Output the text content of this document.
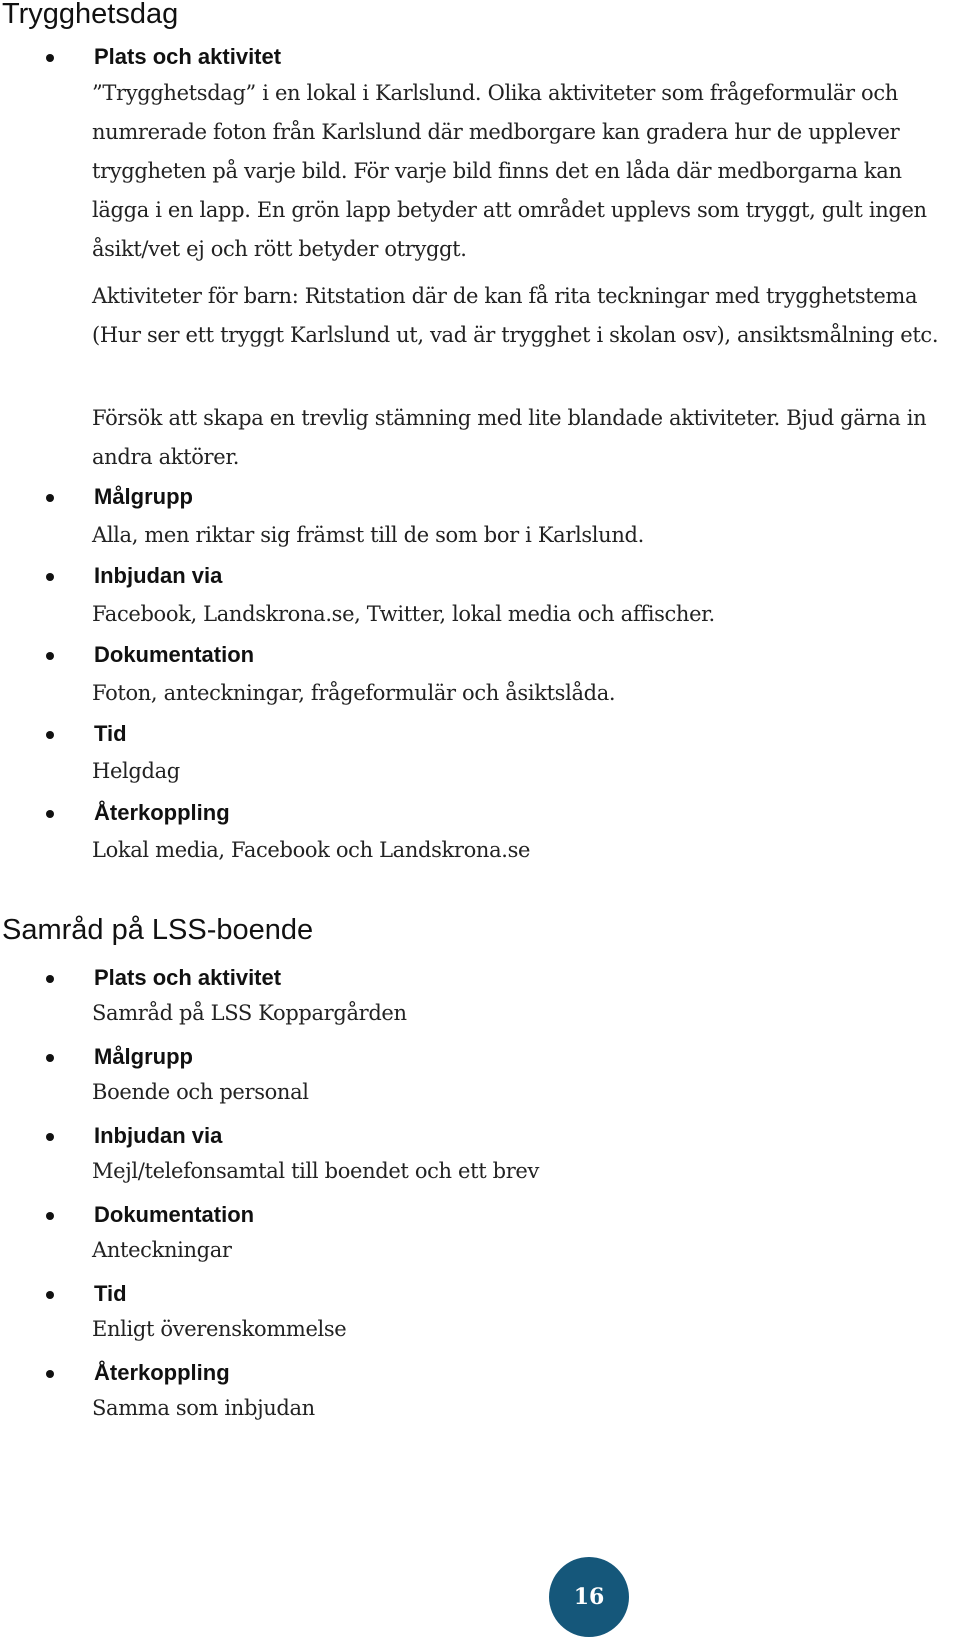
Trygghetsdag
Plats och aktivitet

”Trygghetsdag” i en lokal i Karlslund. Olika aktiviteter som frågeformulär och numrerade foton från Karlslund där medborgare kan gradera hur de upplever tryggheten på varje bild. För varje bild finns det en låda där medborgarna kan lägga i en lapp. En grön lapp betyder att området upplevs som tryggt, gult ingen åsikt/vet ej och rött betyder otryggt.

Aktiviteter för barn: Ritstation där de kan få rita teckningar med trygghetstema (Hur ser ett tryggt Karlslund ut, vad är trygghet i skolan osv), ansiktsmålning etc.

Försök att skapa en trevlig stämning med lite blandade aktiviteter. Bjud gärna in andra aktörer.

Målgrupp

Alla, men riktar sig främst till de som bor i Karlslund.

Inbjudan via

Facebook, Landskrona.se, Twitter, lokal media och affischer.

Dokumentation

Foton, anteckningar, frågeformulär och åsiktslåda.

Tid

Helgdag

Återkoppling

Lokal media, Facebook och Landskrona.se

Samråd på LSS-boende
Plats och aktivitet

Samråd på LSS Koppargården

Målgrupp

Boende och personal

Inbjudan via

Mejl/telefonsamtal till boendet och ett brev

Dokumentation

Anteckningar

Tid

Enligt överenskommelse

Återkoppling

Samma som inbjudan

16
